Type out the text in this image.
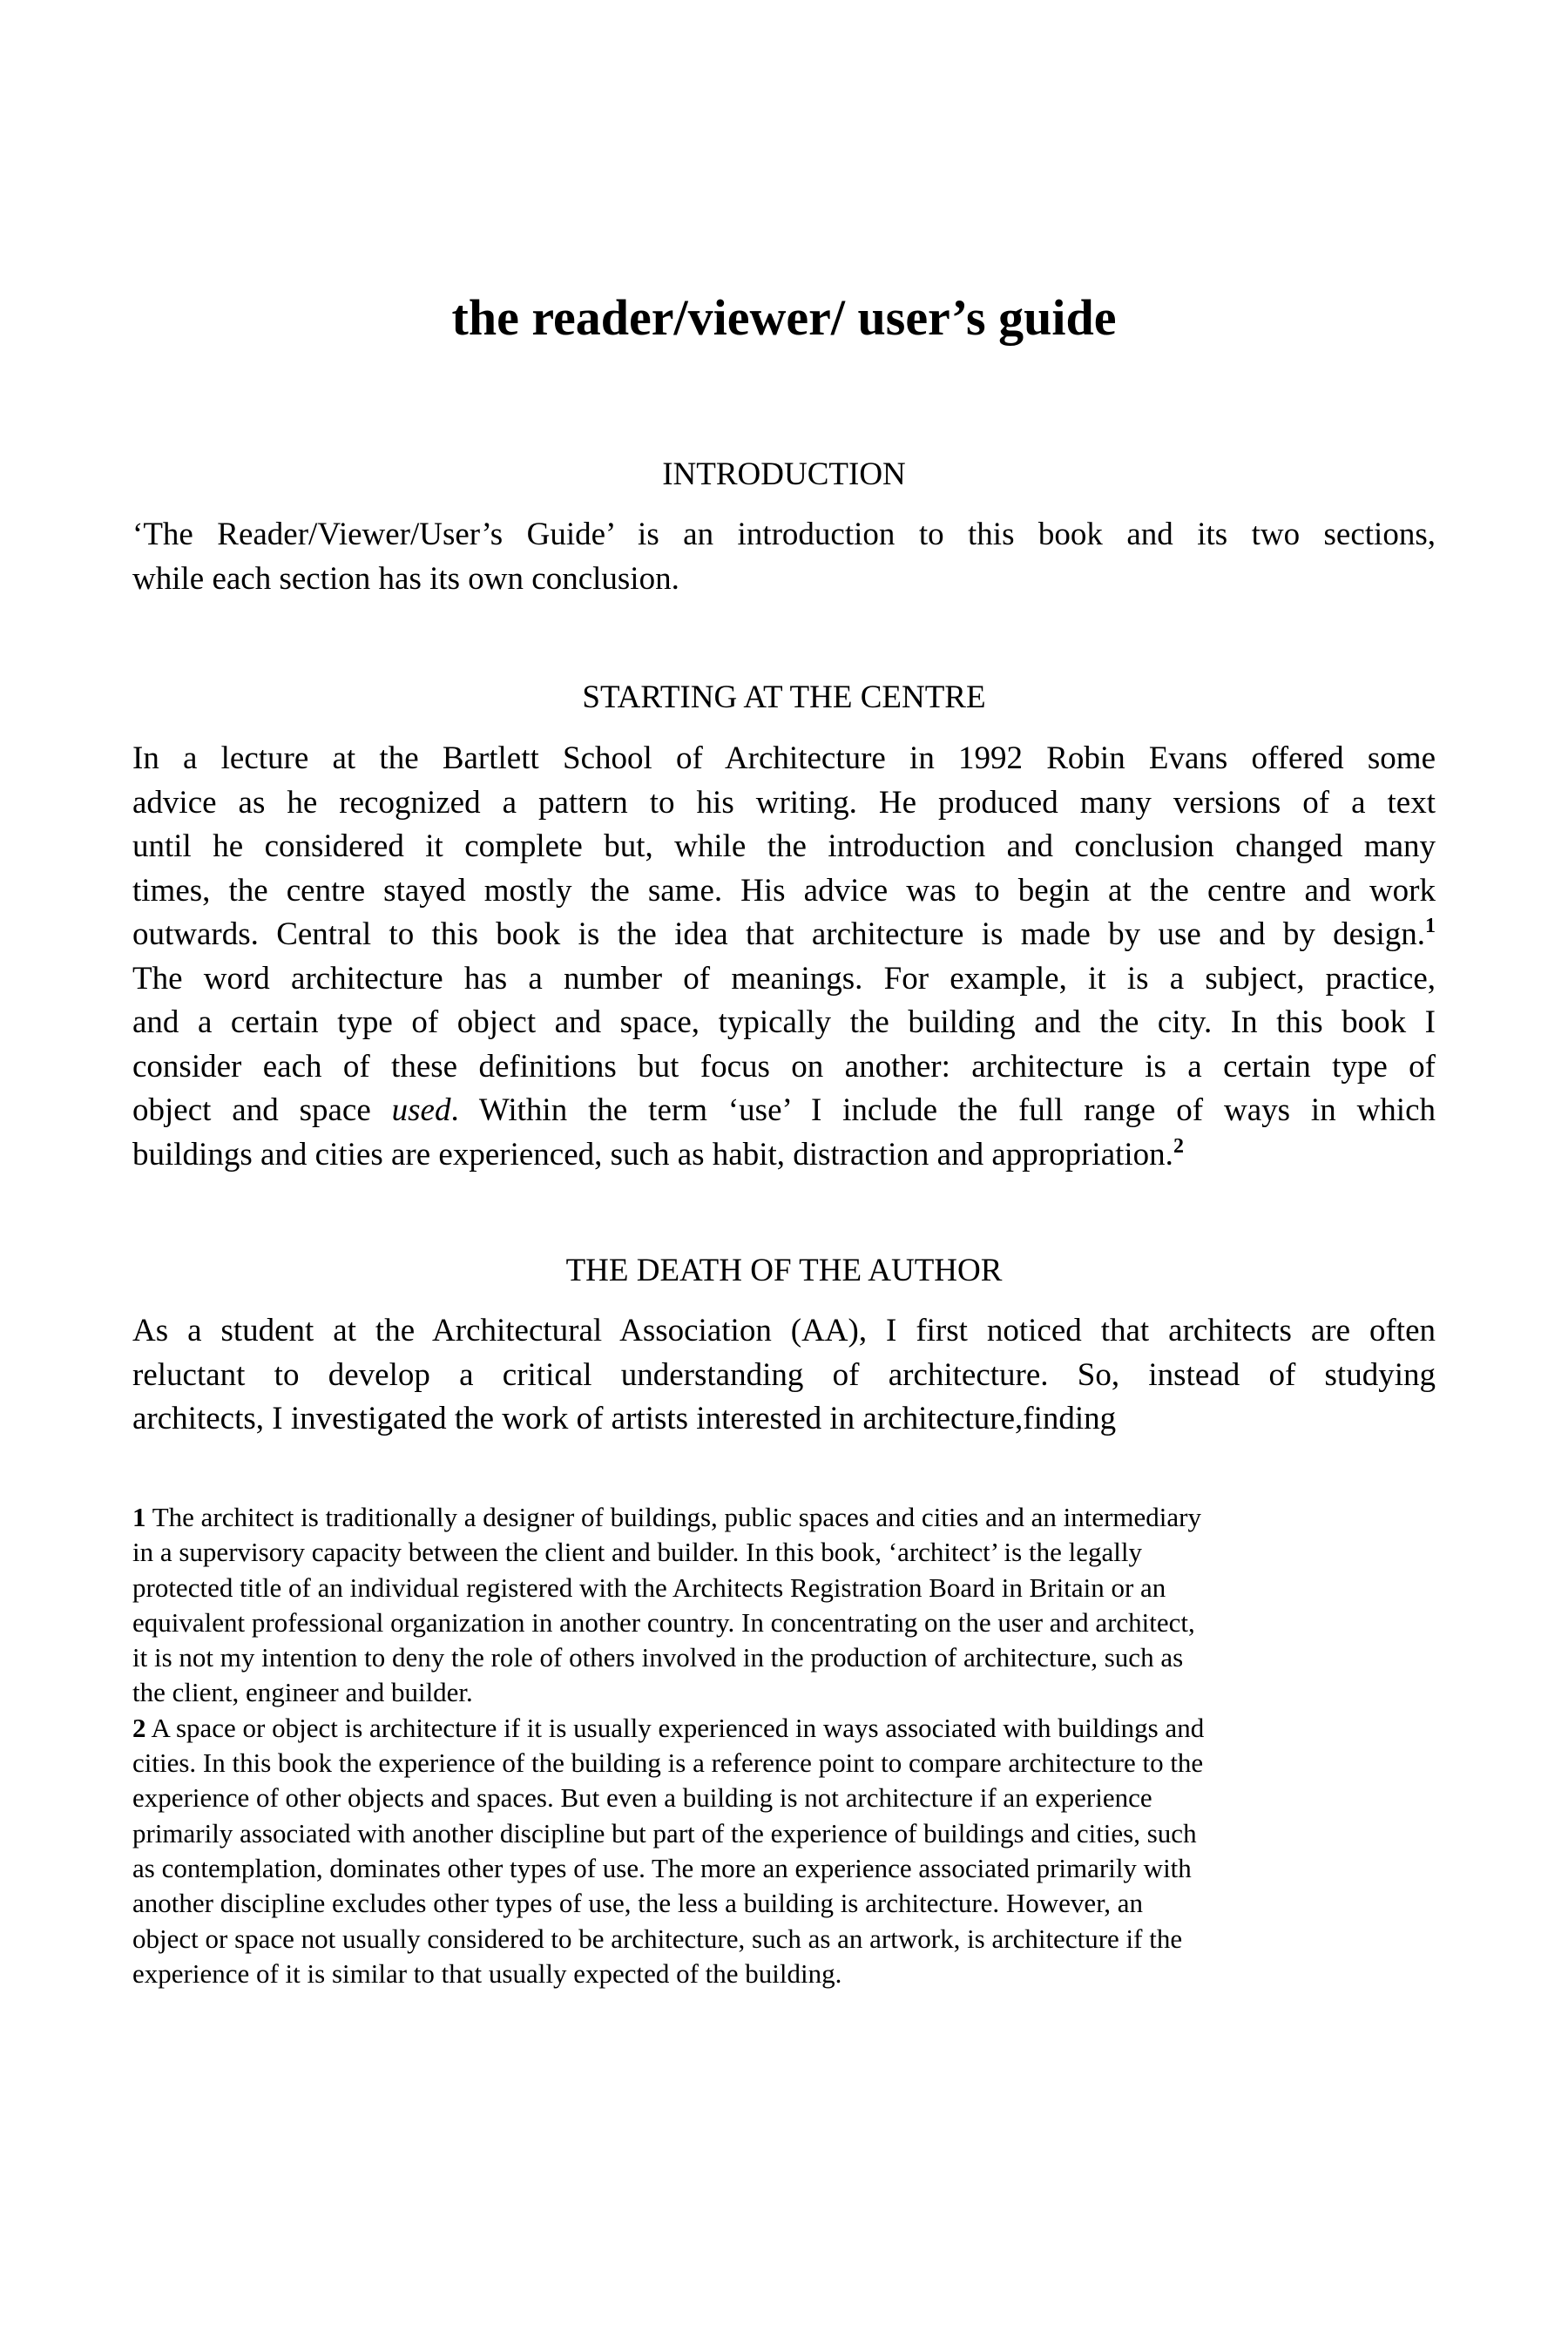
the reader/viewer/ user’s guide
INTRODUCTION
‘The Reader/Viewer/User’s Guide’ is an introduction to this book and its two sections,
while each section has its own conclusion.
STARTING AT THE CENTRE
In a lecture at the Bartlett School of Architecture in 1992 Robin Evans offered some
advice as he recognized a pattern to his writing. He produced many versions of a text
until he considered it complete but, while the introduction and conclusion changed many
times, the centre stayed mostly the same. His advice was to begin at the centre and work
outwards. Central to this book is the idea that architecture is made by use and by design.$^1$
The word architecture has a number of meanings. For example, it is a subject, practice,
and a certain type of object and space, typically the building and the city. In this book I
consider each of these definitions but focus on another: architecture is a certain type of
object and space used. Within the term ‘use’ I include the full range of ways in which
buildings and cities are experienced, such as habit, distraction and appropriation.$^2$
THE DEATH OF THE AUTHOR
As a student at the Architectural Association (AA), I first noticed that architects are often
reluctant to develop a critical understanding of architecture. So, instead of studying
architects, I investigated the work of artists interested in architecture,finding
1 The architect is traditionally a designer of buildings, public spaces and cities and an intermediary
in a supervisory capacity between the client and builder. In this book, ‘architect’ is the legally
protected title of an individual registered with the Architects Registration Board in Britain or an
equivalent professional organization in another country. In concentrating on the user and architect,
it is not my intention to deny the role of others involved in the production of architecture, such as
the client, engineer and builder.
2 A space or object is architecture if it is usually experienced in ways associated with buildings and
cities. In this book the experience of the building is a reference point to compare architecture to the
experience of other objects and spaces. But even a building is not architecture if an experience
primarily associated with another discipline but part of the experience of buildings and cities, such
as contemplation, dominates other types of use. The more an experience associated primarily with
another discipline excludes other types of use, the less a building is architecture. However, an
object or space not usually considered to be architecture, such as an artwork, is architecture if the
experience of it is similar to that usually expected of the building.
